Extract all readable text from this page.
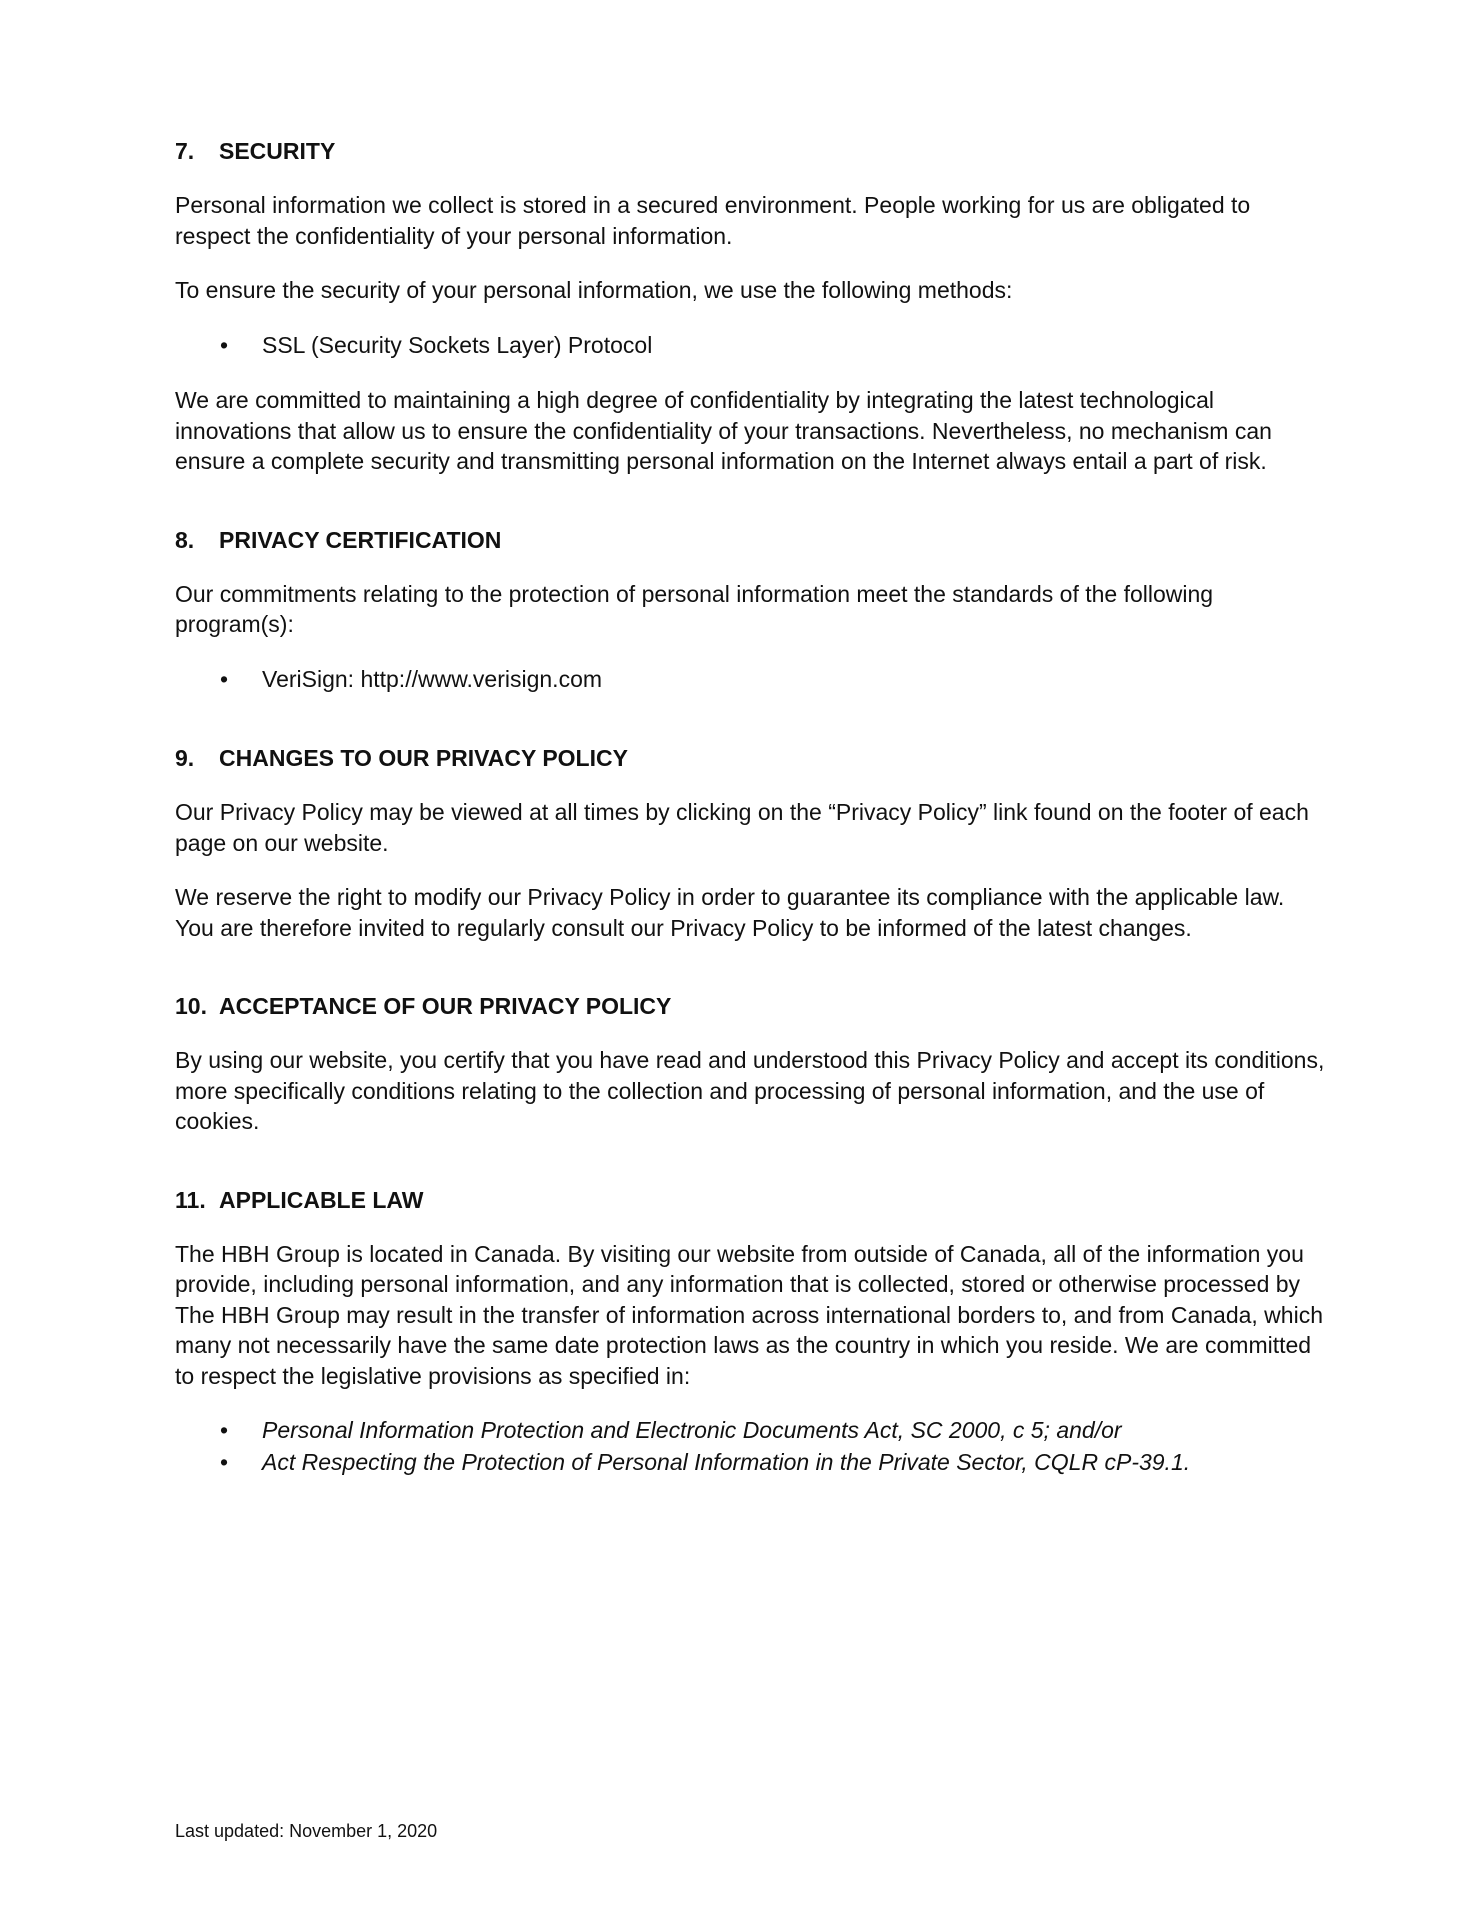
7.	SECURITY

Personal information we collect is stored in a secured environment. People working for us are obligated to respect the confidentiality of your personal information.

To ensure the security of your personal information, we use the following methods:

• SSL (Security Sockets Layer) Protocol

We are committed to maintaining a high degree of confidentiality by integrating the latest technological innovations that allow us to ensure the confidentiality of your transactions. Nevertheless, no mechanism can ensure a complete security and transmitting personal information on the Internet always entail a part of risk.

8.	PRIVACY CERTIFICATION

Our commitments relating to the protection of personal information meet the standards of the following program(s):

• VeriSign: http://www.verisign.com
9.	CHANGES TO OUR PRIVACY POLICY

Our Privacy Policy may be viewed at all times by clicking on the “Privacy Policy” link found on the footer of each page on our website.

We reserve the right to modify our Privacy Policy in order to guarantee its compliance with the applicable law. You are therefore invited to regularly consult our Privacy Policy to be informed of the latest changes.

10. ACCEPTANCE OF OUR PRIVACY POLICY

By using our website, you certify that you have read and understood this Privacy Policy and accept its conditions, more specifically conditions relating to the collection and processing of personal information, and the use of cookies.

11. APPLICABLE LAW

The HBH Group is located in Canada. By visiting our website from outside of Canada, all of the information you provide, including personal information, and any information that is collected, stored or otherwise processed by The HBH Group may result in the transfer of information across international borders to, and from Canada, which many not necessarily have the same date protection laws as the country in which you reside. We are committed to respect the legislative provisions as specified in:

• Personal Information Protection and Electronic Documents Act, SC 2000, c 5; and/or
• Act Respecting the Protection of Personal Information in the Private Sector, CQLR cP-39.1.
Last updated: November 1, 2020
